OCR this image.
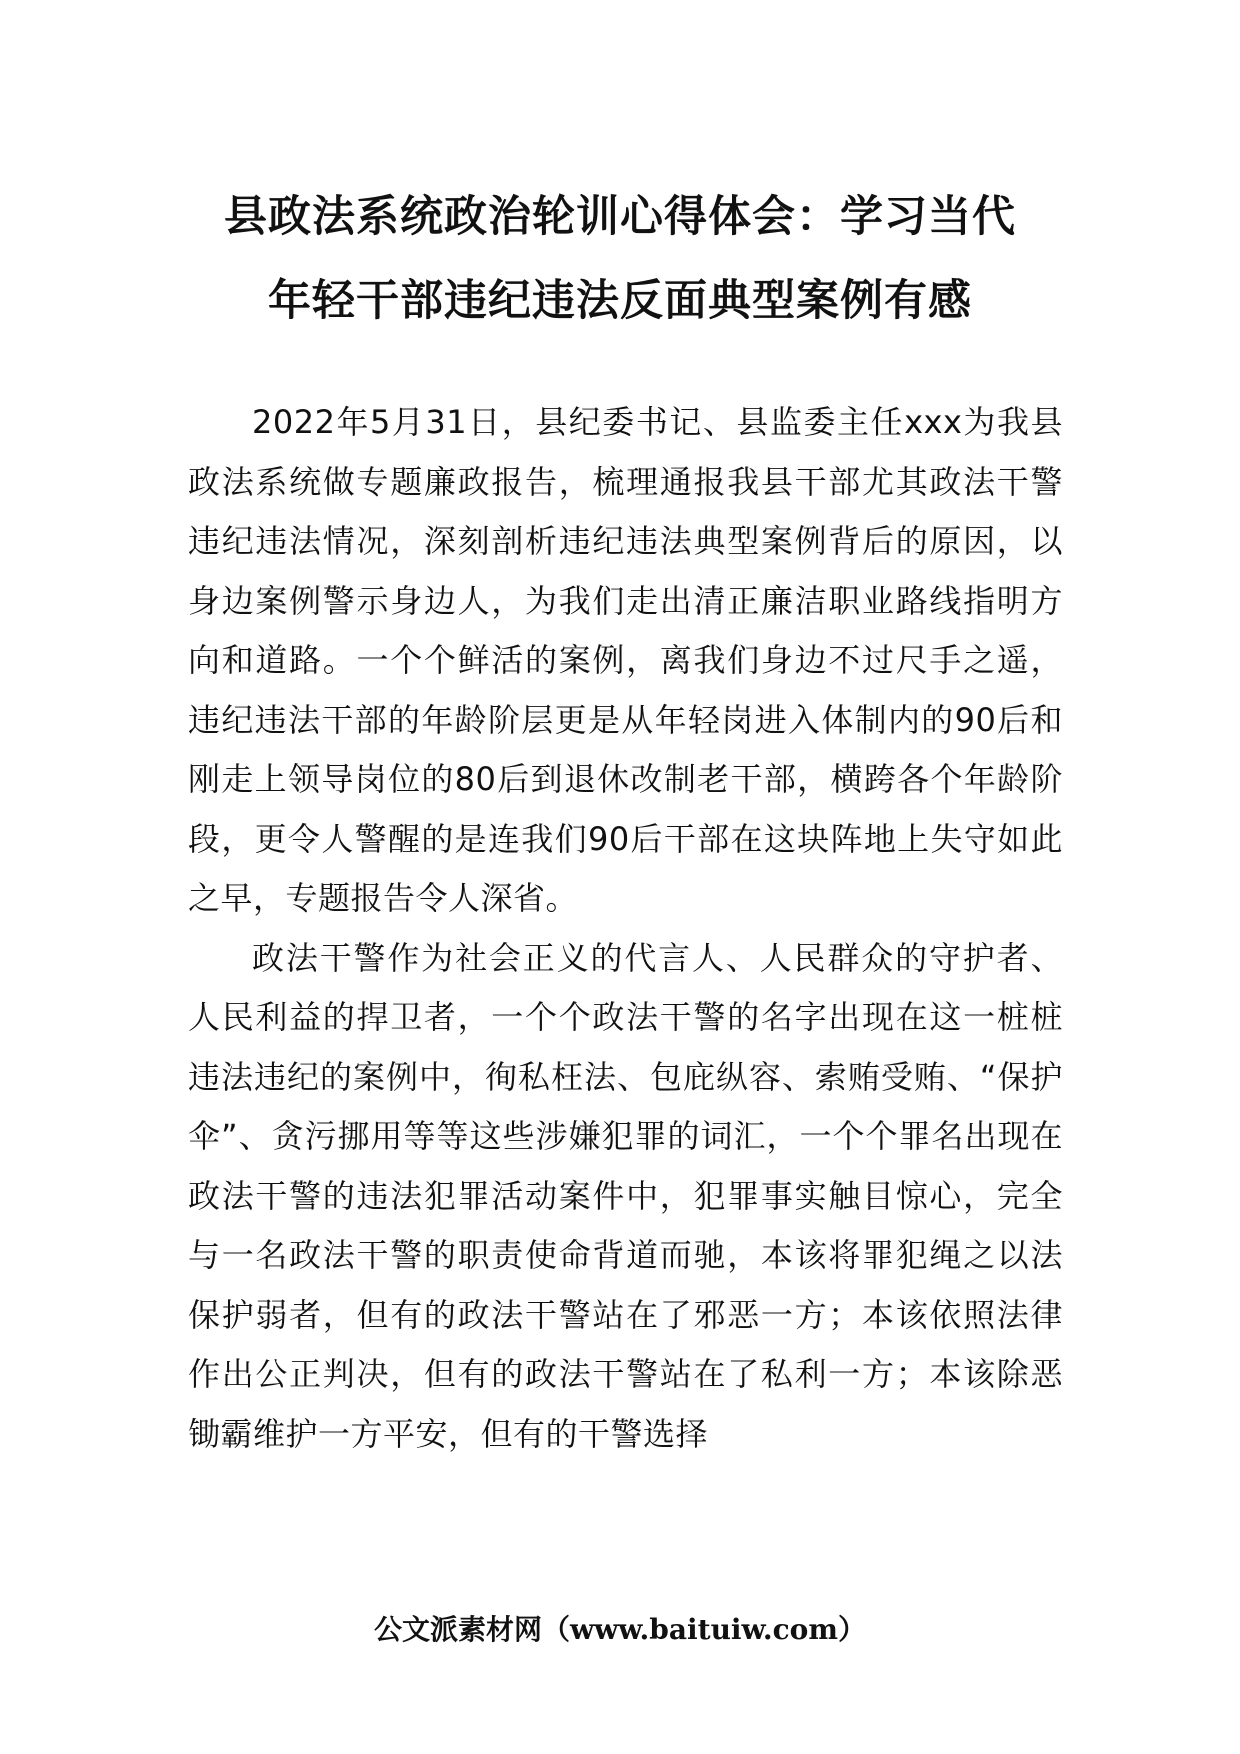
县政法系统政治轮训心得体会：学习当代

年轻干部违纪违法反面典型案例有感

2022年5月31日，县纪委书记、县监委主任xxx为我县政法系统做专题廉政报告，梳理通报我县干部尤其政法干警违纪违法情况，深刻剖析违纪违法典型案例背后的原因，以身边案例警示身边人，为我们走出清正廉洁职业路线指明方向和道路。一个个鲜活的案例，离我们身边不过尺手之遥，违纪违法干部的年龄阶层更是从年轻岗进入体制内的90后和刚走上领导岗位的80后到退休改制老干部，横跨各个年龄阶段，更令人警醒的是连我们90后干部在这块阵地上失守如此之早，专题报告令人深省。

政法干警作为社会正义的代言人、人民群众的守护者、人民利益的捍卫者，一个个政法干警的名字出现在这一桩桩违法违纪的案例中，徇私枉法、包庇纵容、索贿受贿、“保护伞”、贪污挪用等等这些涉嫌犯罪的词汇，一个个罪名出现在政法干警的违法犯罪活动案件中，犯罪事实触目惊心，完全与一名政法干警的职责使命背道而驰，本该将罪犯绳之以法保护弱者，但有的政法干警站在了邪恶一方；本该依照法律作出公正判决，但有的政法干警站在了私利一方；本该除恶锄霸维护一方平安，但有的干警选择

公文派素材网（www.baituiw.com）
